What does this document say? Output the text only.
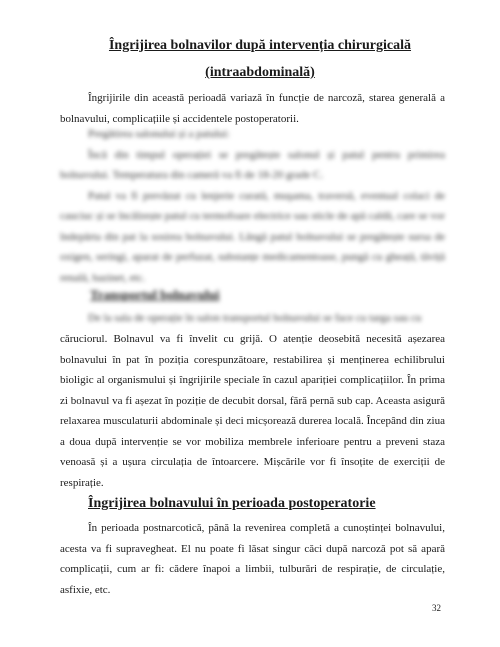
Îngrijirea bolnavilor după intervenția chirurgicală
(intraabdominală)

Îngrijirile din această perioadă variază în funcție de narcoză, starea generală a bolnavului, complicațiile și accidentele postoperatorii.

Pregătirea salonului și a patului:

Încă din timpul operației se pregătește salonul și patul pentru primirea bolnavului. Temperatura din cameră va fi de 18-20 grade C.

Patul va fi prevăzut cu lenjerie curată, muşama, traversă, eventual colaci de cauciuc și se încălzește patul cu termofoare electrice sau sticle de apă caldă, care se vor îndepărta din pat la sosirea bolnavului. Lângă patul bolnavului se pregătește sursa de oxigen, seringi, aparat de perfuzat, substanțe medicamentoase, pungă cu gheață, tăviță renală, bazinet, etc.

Transportul bolnavului

De la sala de operație în salon transportul bolnavului se face cu targa sau cu

căruciorul. Bolnavul va fi învelit cu grijă. O atenție deosebită necesită așezarea bolnavului în pat în poziția corespunzătoare, restabilirea și menținerea echilibrului bioligic al organismului și îngrijirile speciale în cazul apariției complicațiilor. În prima zi bolnavul va fi așezat în poziție de decubit dorsal, fără pernă sub cap. Aceasta asigură relaxarea musculaturii abdominale și deci micșorează durerea locală. Începând din ziua a doua după intervenție se vor mobiliza membrele inferioare pentru a preveni staza venoasă și a ușura circulația de întoarcere. Mișcările vor fi însoțite de exerciții de respirație.

Îngrijirea bolnavului în perioada postoperatorie

În perioada postnarcotică, până la revenirea completă a cunoștinței bolnavului, acesta va fi supravegheat. El nu poate fi lăsat singur căci după narcoză pot să apară complicații, cum ar fi: cădere înapoi a limbii, tulburări de respirație, de circulație, asfixie, etc.

32
